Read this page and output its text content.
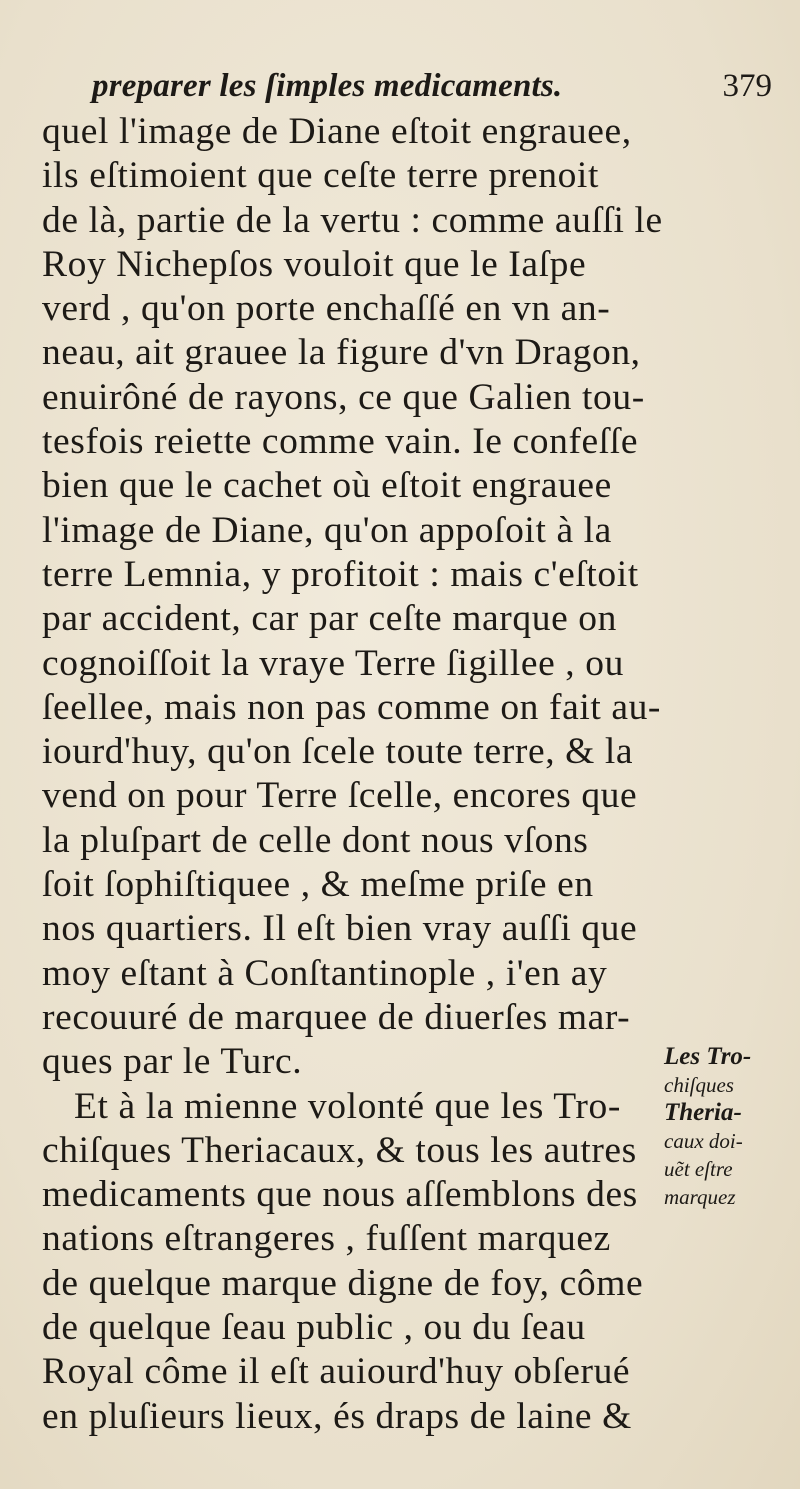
preparer les ſimples medicaments.	379
quel l'image de Diane eſtoit engrauee,
ils eſtimoient que ceſte terre prenoit
de là, partie de la vertu : comme auſſi le
Roy Nichepſos vouloit que le Iaſpe
verd , qu'on porte enchaſſé en vn an-
neau, ait grauee la figure d'vn Dragon,
enuirôné de rayons, ce que Galien tou-
tesfois reiette comme vain. Ie confeſſe
bien que le cachet où eſtoit engrauee
l'image de Diane, qu'on appoſoit à la
terre Lemnia, y profitoit : mais c'eſtoit
par accident, car par ceſte marque on
cognoiſſoit la vraye Terre ſigillee , ou
ſeellee, mais non pas comme on fait au-
iourd'huy, qu'on ſcele toute terre, & la
vend on pour Terre ſcelle, encores que
la pluſpart de celle dont nous vſons
ſoit ſophiſtiquee , & meſme priſe en
nos quartiers. Il eſt bien vray auſſi que
moy eſtant à Conſtantinople , i'en ay
recouuré de marquee de diuerſes mar-
ques par le Turc.
Et à la mienne volonté que les Tro-
chiſques Theriacaux, & tous les autres
medicaments que nous aſſemblons des
nations eſtrangeres , fuſſent marquez
de quelque marque digne de foy, côme
de quelque ſeau public , ou du ſeau
Royal côme il eſt auiourd'huy obſerué
en pluſieurs lieux, és draps de laine &
Les Tro-
chiſques
Theria-
caux doi-
uẽt eſtre
marquez
